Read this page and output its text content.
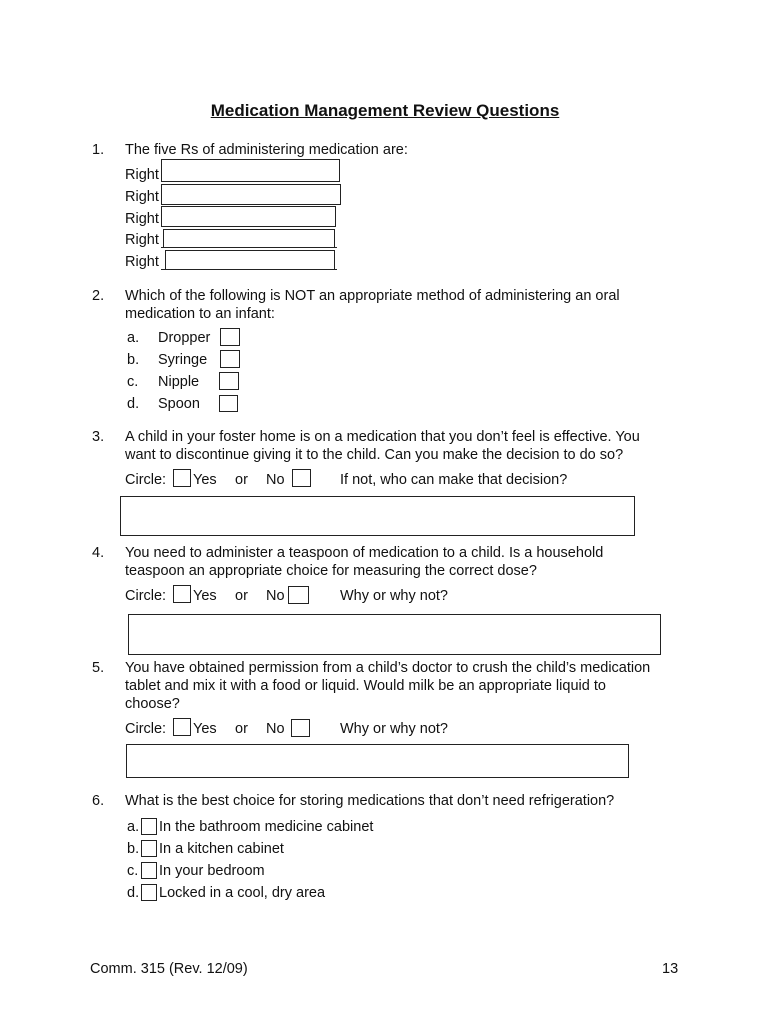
Medication Management Review Questions
1. The five Rs of administering medication are:
Right
Right
Right
Right
Right
2. Which of the following is NOT an appropriate method of administering an oral
medication to an infant:
a. Dropper
b. Syringe
c. Nipple
d. Spoon
3. A child in your foster home is on a medication that you don’t feel is effective. You
want to discontinue giving it to the child. Can you make the decision to do so?
Circle: Yes or No	If not, who can make that decision?
4. You need to administer a teaspoon of medication to a child. Is a household
teaspoon an appropriate choice for measuring the correct dose?
Circle: Yes or No	Why or why not?
5. You have obtained permission from a child’s doctor to crush the child’s medication
tablet and mix it with a food or liquid. Would milk be an appropriate liquid to
choose?
Circle: Yes or No	Why or why not?
6. What is the best choice for storing medications that don’t need refrigeration?
a. In the bathroom medicine cabinet
b. In a kitchen cabinet
c. In your bedroom
d. Locked in a cool, dry area
Comm. 315 (Rev. 12/09)	13
